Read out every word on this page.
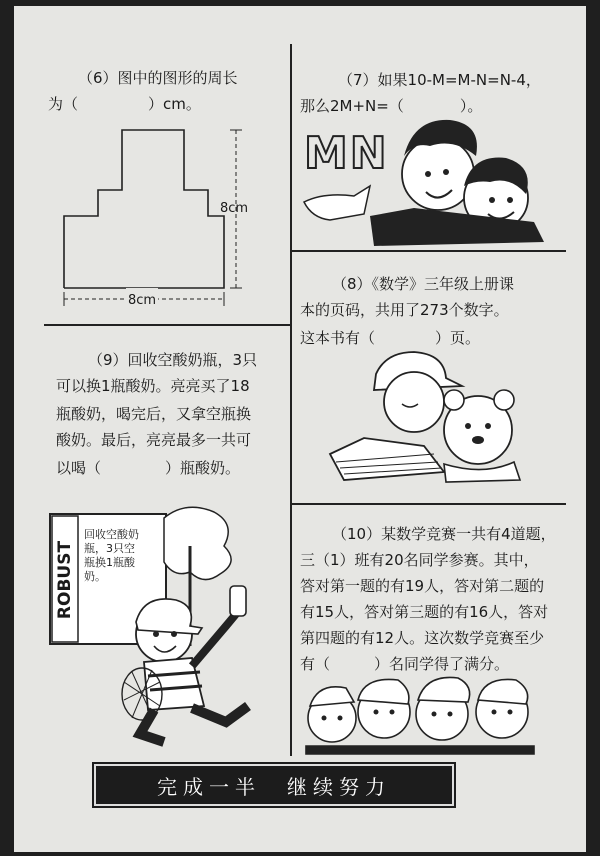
（6）图中的图形的周长
为（	）cm。
8cm
8cm
（7）如果10-M=M-N=N-4，
那么2M+N=（	）。
MN
（8）《数学》三年级上册课
本的页码，共用了273个数字。
这本书有（	）页。
（9）回收空酸奶瓶，3只
可以换1瓶酸奶。亮亮买了18
瓶酸奶，喝完后，又拿空瓶换
酸奶。最后，亮亮最多一共可
以喝（	）瓶酸奶。
ROBUST
回收空酸奶
瓶，3只空
瓶换1瓶酸
奶。
（10）某数学竞赛一共有4道题，
三（1）班有20名同学参赛。其中，
答对第一题的有19人，答对第二题的
有15人，答对第三题的有16人，答对
第四题的有12人。这次数学竞赛至少
有（	）名同学得了满分。
完成一半　继续努力
